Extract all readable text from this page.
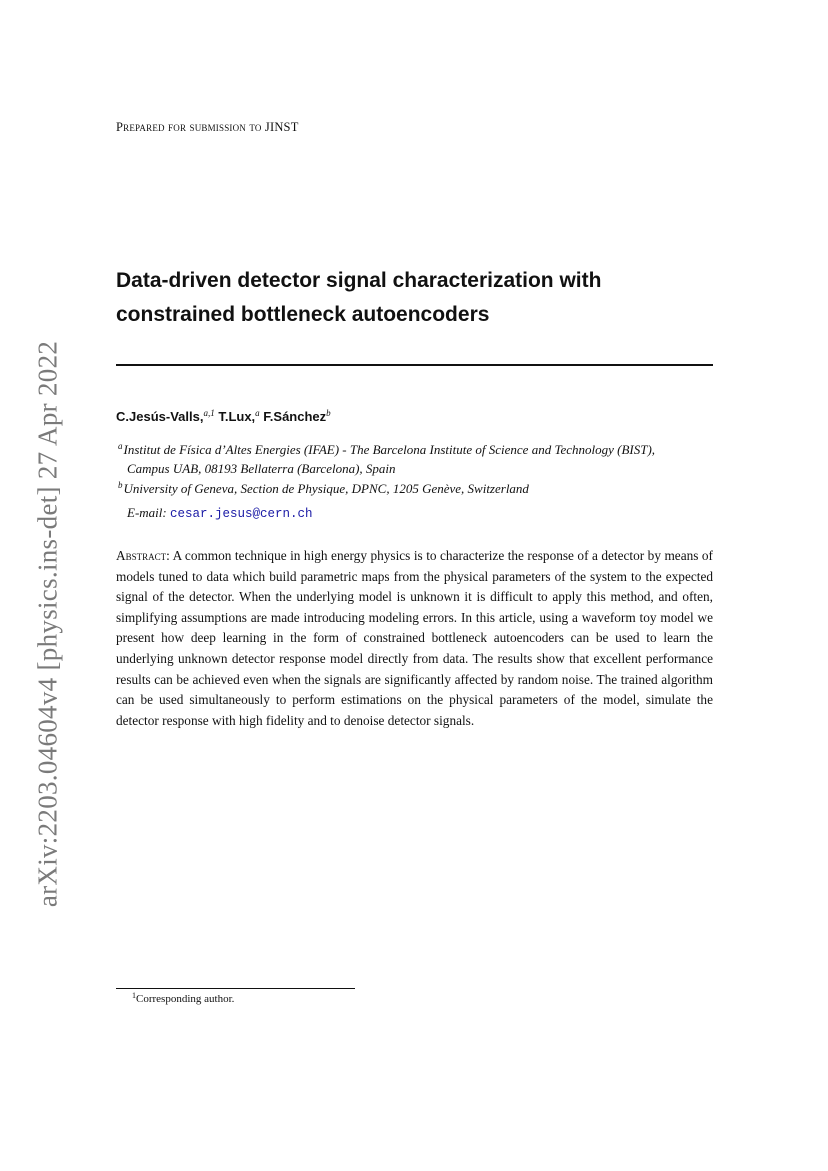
Prepared for submission to JINST

Data-driven detector signal characterization with
constrained bottleneck autoencoders

C.Jesús-Valls,$^{a,1}$ T.Lux,$^a$ F.Sánchez$^b$

$^a$Institut de Física d’Altes Energies (IFAE) - The Barcelona Institute of Science and Technology (BIST),
Campus UAB, 08193 Bellaterra (Barcelona), Spain

$^b$University of Geneva, Section de Physique, DPNC, 1205 Genève, Switzerland

E-mail: cesar.jesus@cern.ch

Abstract: A common technique in high energy physics is to characterize the response of a detector by means of models tuned to data which build parametric maps from the physical parameters of the system to the expected signal of the detector. When the underlying model is unknown it is difficult to apply this method, and often, simplifying assumptions are made introducing modeling errors. In this article, using a waveform toy model we present how deep learning in the form of constrained bottleneck autoencoders can be used to learn the underlying unknown detector response model directly from data. The results show that excellent performance results can be achieved even when the signals are significantly affected by random noise. The trained algorithm can be used simultaneously to perform estimations on the physical parameters of the model, simulate the detector response with high fidelity and to denoise detector signals.

arXiv:2203.04604v4 [physics.ins-det] 27 Apr 2022

$^1$Corresponding author.
